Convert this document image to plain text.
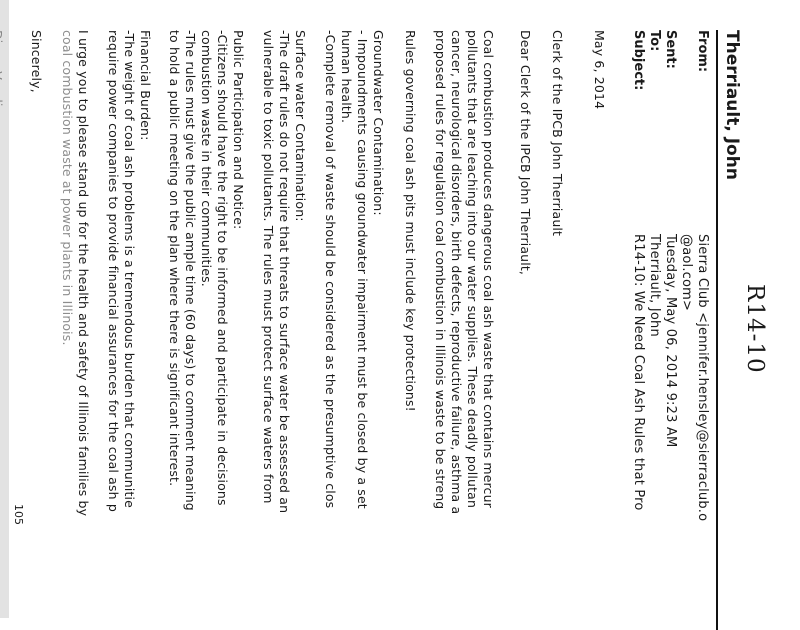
Therriault, John
R14-10
From:
Sierra Club <jennifer.hensley@sierraclub.o
@aol.com>
Sent:
Tuesday, May 06, 2014 9:23 AM
To:
Therriault, John
Subject:
R14-10: We Need Coal Ash Rules that Pro
May 6, 2014
Clerk of the IPCB John Therriault
Dear Clerk of the IPCB John Therriault,
Coal combustion produces dangerous coal ash waste that contains mercur
pollutants that are leaching into our water supplies. These deadly pollutan
cancer, neurological disorders, birth defects, reproductive failure, asthma a
proposed rules for regulation coal combustion in Illinois waste to be streng
Rules governing coal ash pits must include key protections!
Groundwater Contamination:
- Impoundments causing groundwater impairment must be closed by a set
human health.
-Complete removal of waste should be considered as the presumptive clos
Surface water Contamination:
-The draft rules do not require that threats to surface water be assessed an
vulnerable to toxic pollutants. The rules must protect surface waters from
Public Participation and Notice:
-Citizens should have the right to be informed and participate in decisions
combustion waste in their communities.
-The rules must give the public ample time (60 days) to comment meaning
to hold a public meeting on the plan where there is significant interest.
Financial Burden:
-The weight of coal ash problems is a tremendous burden that communitie
require power companies to provide financial assurances for the coal ash p
I urge you to please stand up for the health and safety of Illinois families by
coal combustion waste at power plants in Illinois.
Sincerely,
105
